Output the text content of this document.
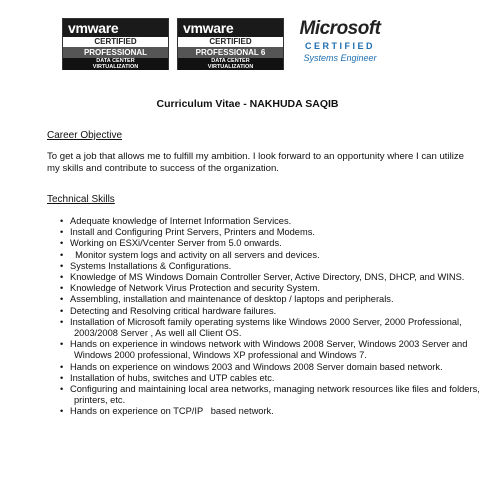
vmware
CERTIFIED
PROFESSIONAL
DATA CENTER
VIRTUALIZATION
vmware
CERTIFIED
PROFESSIONAL 6
DATA CENTER
VIRTUALIZATION
Microsoft
CERTIFIED
Systems Engineer
Curriculum Vitae - NAKHUDA SAQIB
Career Objective
To get a job that allows me to fulfill my ambition. I look forward to an opportunity where I can utilize my skills and contribute to success of the organization.
Technical Skills
• Adequate knowledge of Internet Information Services.
• Install and Configuring Print Servers, Printers and Modems.
• Working on ESXi/Vcenter Server from 5.0 onwards.
• Monitor system logs and activity on all servers and devices.
• Systems Installations & Configurations.
• Knowledge of MS Windows Domain Controller Server, Active Directory, DNS, DHCP, and WINS.
• Knowledge of Network Virus Protection and security System.
• Assembling, installation and maintenance of desktop / laptops and peripherals.
• Detecting and Resolving critical hardware failures.
• Installation of Microsoft family operating systems like Windows 2000 Server, 2000 Professional, 2003/2008 Server , As well all Client OS.
• Hands on experience in windows network with Windows 2008 Server, Windows 2003 Server and Windows 2000 professional, Windows XP professional and Windows 7.
• Hands on experience on windows 2003 and Windows 2008 Server domain based network.
• Installation of hubs, switches and UTP cables etc.
• Configuring and maintaining local area networks, managing network resources like files and folders, printers, etc.
• Hands on experience on TCP/IP   based network.
